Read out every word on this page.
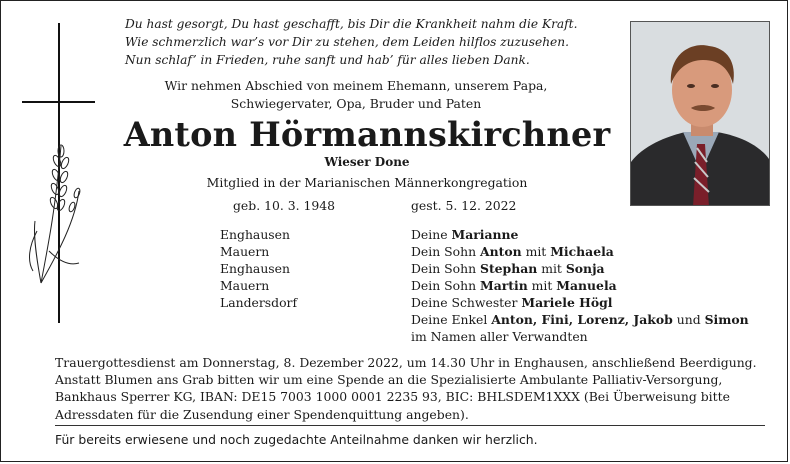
Du hast gesorgt, Du hast geschafft, bis Dir die Krankheit nahm die Kraft.
Wie schmerzlich war’s vor Dir zu stehen, dem Leiden hilflos zuzusehen.
Nun schlaf’ in Frieden, ruhe sanft und hab’ für alles lieben Dank.
Wir nehmen Abschied von meinem Ehemann, unserem Papa,
Schwiegervater, Opa, Bruder und Paten
Anton Hörmannskirchner
Wieser Done
Mitglied in der Marianischen Männerkongregation
geb. 10. 3. 1948	gest. 5. 12. 2022
Enghausen
Mauern
Enghausen
Mauern
Landersdorf
Deine Marianne
Dein Sohn Anton mit Michaela
Dein Sohn Stephan mit Sonja
Dein Sohn Martin mit Manuela
Deine Schwester Mariele Högl
Deine Enkel Anton, Fini, Lorenz, Jakob und Simon
im Namen aller Verwandten
Trauergottesdienst am Donnerstag, 8. Dezember 2022, um 14.30 Uhr in Enghausen, anschließend Beerdigung.
Anstatt Blumen ans Grab bitten wir um eine Spende an die Spezialisierte Ambulante Palliativ-Versorgung,
Bankhaus Sperrer KG, IBAN: DE15 7003 1000 0001 2235 93, BIC: BHLSDEM1XXX (Bei Überweisung bitte
Adressdaten für die Zusendung einer Spendenquittung angeben).
Für bereits erwiesene und noch zugedachte Anteilnahme danken wir herzlich.
